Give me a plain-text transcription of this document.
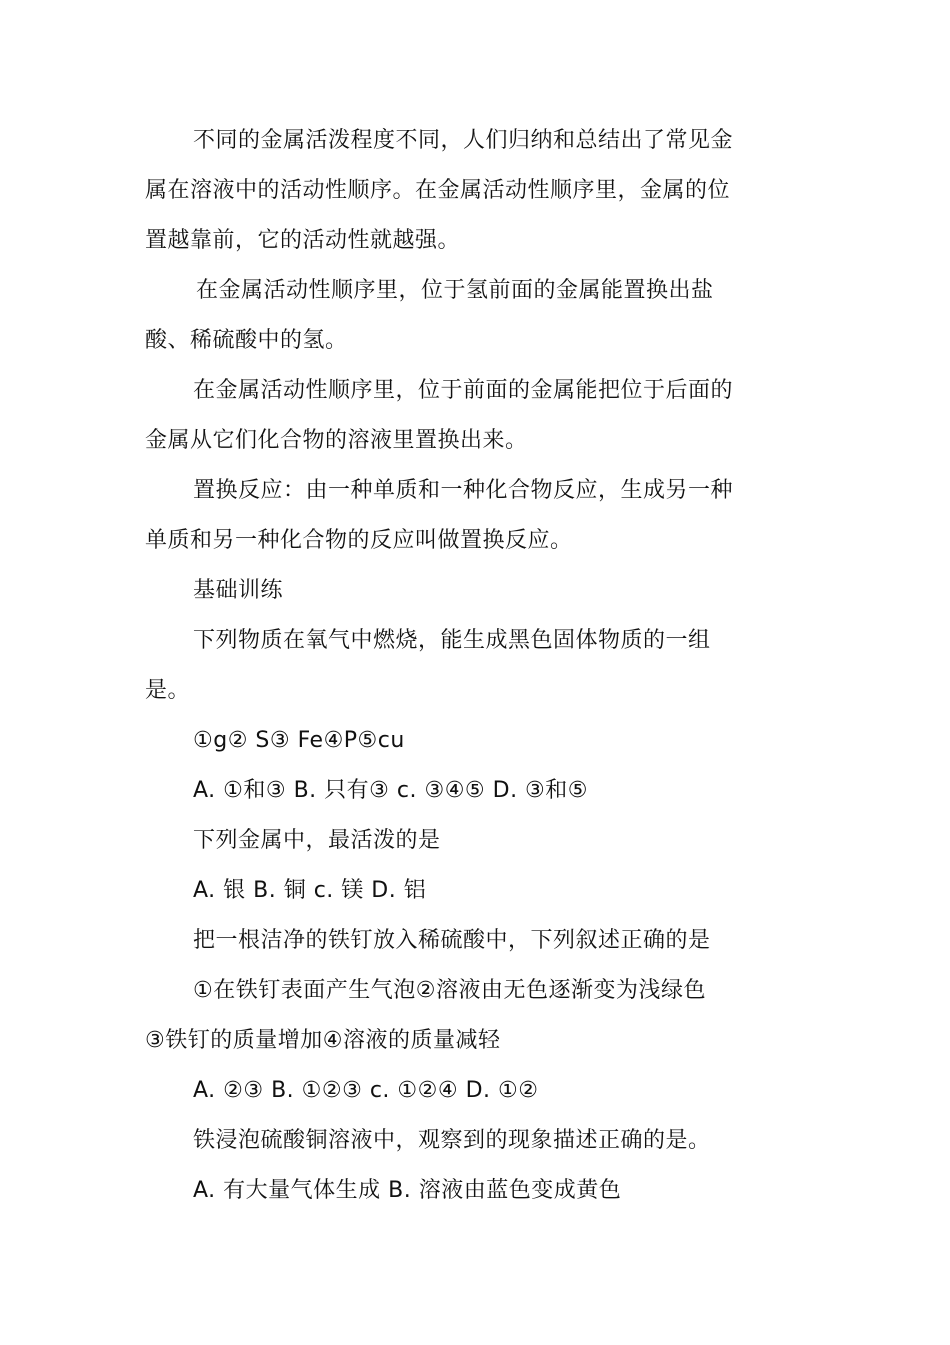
不同的金属活泼程度不同，人们归纳和总结出了常见金
属在溶液中的活动性顺序。在金属活动性顺序里，金属的位
置越靠前，它的活动性就越强。
在金属活动性顺序里，位于氢前面的金属能置换出盐
酸、稀硫酸中的氢。
在金属活动性顺序里，位于前面的金属能把位于后面的
金属从它们化合物的溶液里置换出来。
置换反应：由一种单质和一种化合物反应，生成另一种
单质和另一种化合物的反应叫做置换反应。
基础训练
下列物质在氧气中燃烧，能生成黑色固体物质的一组
是。
①g② S③ Fe④P⑤cu
A. ①和③ B. 只有③ c. ③④⑤ D. ③和⑤
下列金属中，最活泼的是
A. 银 B. 铜 c. 镁 D. 铝
把一根洁净的铁钉放入稀硫酸中，下列叙述正确的是
①在铁钉表面产生气泡②溶液由无色逐渐变为浅绿色
③铁钉的质量增加④溶液的质量减轻
A. ②③ B. ①②③ c. ①②④ D. ①②
铁浸泡硫酸铜溶液中，观察到的现象描述正确的是。
A. 有大量气体生成 B. 溶液由蓝色变成黄色
